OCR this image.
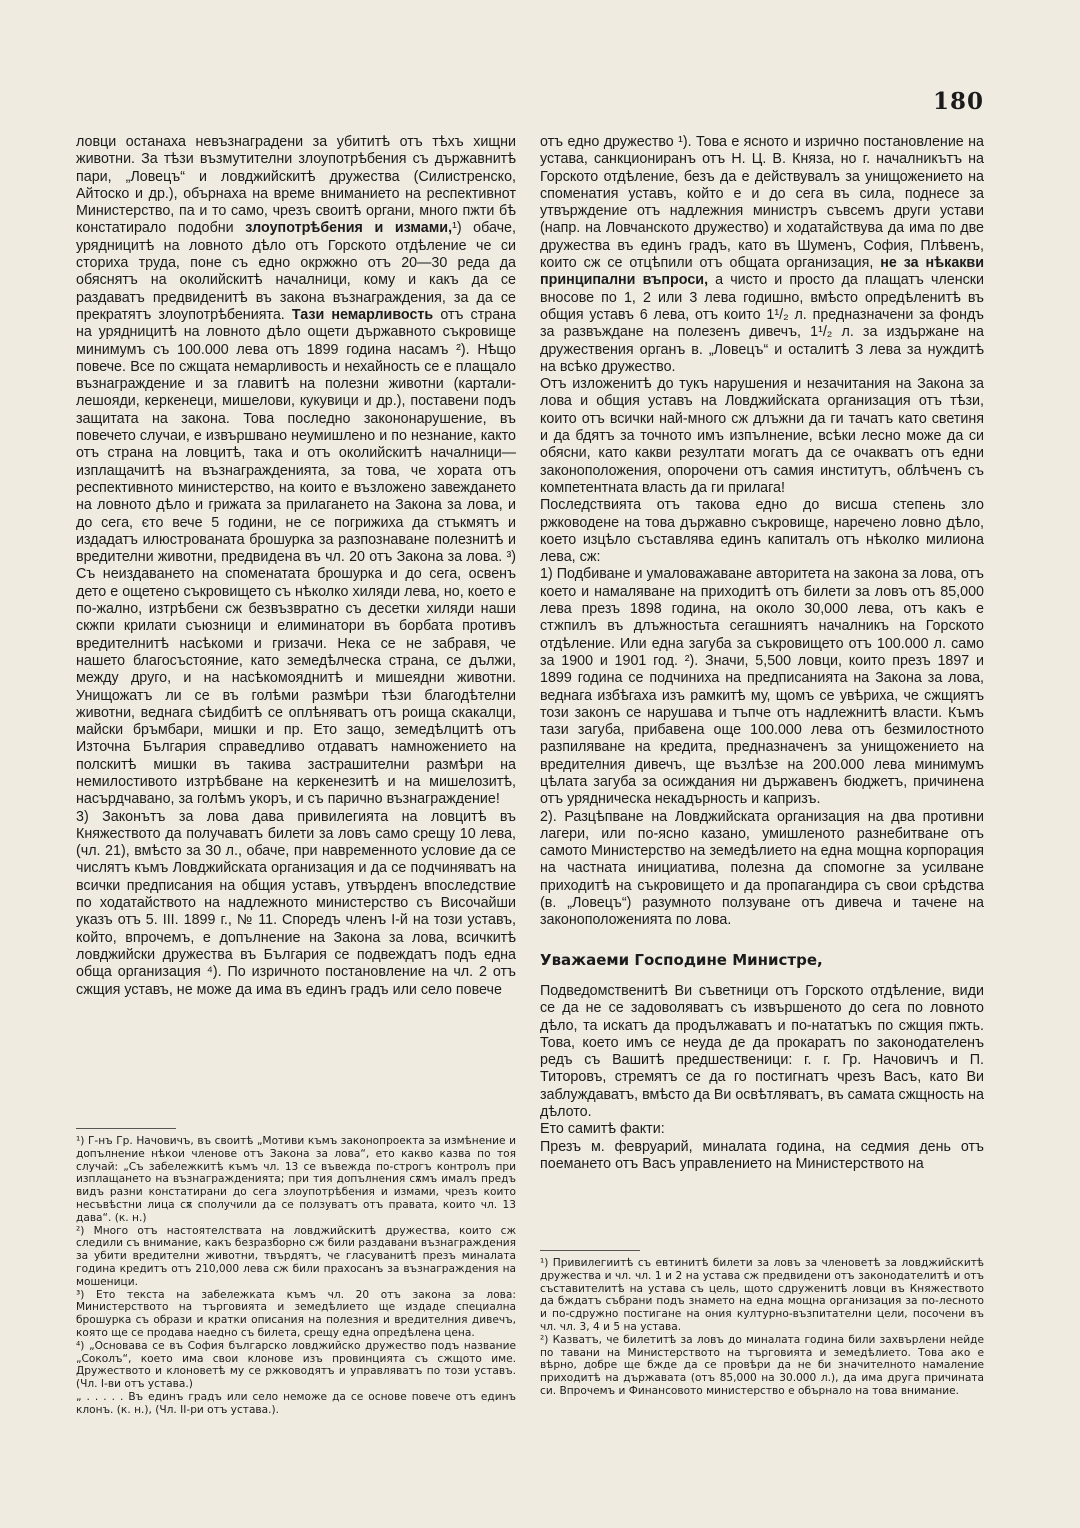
180

ловци останаха невъзнаградени за убититѣ отъ тѣхъ хищни животни. За тѣзи възмутителни злоупотрѣбения съ държавнитѣ пари, „Ловецъ“ и ловджийскитѣ дружества (Силистренско, Айтоско и др.), обърнаха на време вниманието на респективнот Министерство, па и то само, чрезъ своитѣ органи, много пжти бѣ констатирало подобни злоупотрѣбения и измами,¹) обаче, урядницитѣ на ловното дѣло отъ Горското отдѣление че си сториха труда, поне съ едно окржжно отъ 20—30 реда да обяснятъ на околийскитѣ началници, кому и какъ да се раздаватъ предвиденитѣ въ закона възнаграждения, за да се прекратятъ злоупотрѣбенията. Тази немарливость отъ страна на урядницитѣ на ловното дѣло ощети държавното съкровище минимумъ съ 100.000 лева отъ 1899 година насамъ ²). Нѣщо повече. Все по сжщата немарливость и нехайность се е плащало възнаграждение и за главитѣ на полезни животни (картали-лешояди, керкенеци, мишелови, кукувици и др.), поставени подъ защитата на закона. Това последно закононарушение, въ повечето случаи, е извършвано неумишлено и по незнание, както отъ страна на ловцитѣ, така и отъ околийскитѣ началници—изплащачитѣ на възнагражденията, за това, че хората отъ респективното министерство, на които е възложено завеждането на ловното дѣло и грижата за прилагането на Закона за лова, и до сега, єто вече 5 години, не се погрижиха да стъкмятъ и издадатъ илюстрованата брошурка за разпознаване полезнитѣ и вредителни животни, предвидена въ чл. 20 отъ Закона за лова. ³) Съ неиздаването на споменатата брошурка и до сега, освенъ дето е ощетено съкровището съ нѣколко хиляди лева, но, което е по-жално, изтрѣбени сж безвъзвратно съ десетки хиляди наши скжпи крилати съюзници и елиминатори въ борбата противъ вредителнитѣ насѣкоми и гризачи. Нека се не забравя, че нашето благосъстояние, като земедѣлческа страна, се дължи, между друго, и на насѣкомояднитѣ и мишеядни животни. Унищожатъ ли се въ голѣми размѣри тѣзи благодѣтелни животни, веднага сѣидбитѣ се оплѣняватъ отъ роища скакалци, майски бръмбари, мишки и пр. Ето защо, земедѣлцитѣ отъ Източна България справедливо отдаватъ намножението на полскитѣ мишки въ такива застрашителни размѣри на немилостивото изтрѣбване на керкенезитѣ и на мишелозитѣ, насърдчавано, за голѣмъ укоръ, и съ парично възнаграждение!

3) Законътъ за лова дава привилегията на ловцитѣ въ Княжеството да получаватъ билети за ловъ само срещу 10 лева, (чл. 21), вмѣсто за 30 л., обаче, при навременното условие да се числятъ къмъ Ловджийската организация и да се подчиняватъ на всички предписания на общия уставъ, утвърденъ впоследствие по ходатайството на надлежното министерство съ Височайши указъ отъ 5. III. 1899 г., № 11. Споредъ членъ I-й на този уставъ, който, впрочемъ, е допълнение на Закона за лова, всичкитѣ ловджийски дружества въ България се подвеждатъ подъ една обща организация ⁴). По изричното постановление на чл. 2 отъ сжщия уставъ, не може да има въ единъ градъ или село повече

¹) Г-нъ Гр. Начовичъ, въ своитѣ „Мотиви къмъ законопроекта за измѣнение и допълнение нѣкои членове отъ Закона за лова“, ето какво казва по тоя случай: „Съ забележкитѣ къмъ чл. 13 се въвежда по-строгъ контролъ при изплащането на възнагражденията; при тия допълнения сѫмъ ималъ предъ видъ разни констатирани до сега злоупотрѣбения и измами, чрезъ които несъвѣстни лица сѫ сполучили да се ползуватъ отъ правата, които чл. 13 дава“. (к. н.)

²) Много отъ настоятелствата на ловджийскитѣ дружества, които сж следили съ внимание, какъ безразборно сж били раздавани възнаграждения за убити вредителни животни, твърдятъ, че гласуванитѣ презъ миналата година кредитъ отъ 210,000 лева сж били прахосанъ за възнаграждения на мошеници.

³) Ето текста на забележката къмъ чл. 20 отъ закона за лова: Министерството на търговията и земедѣлието ще издаде специална брошурка съ образи и кратки описания на полезния и вредителния дивечъ, която ще се продава наедно съ билета, срещу една опредѣлена цена.

⁴) „Основава се въ София българско ловджийско дружество подъ название „Соколъ“, което има свои клонове изъ провинцията съ сжщото име. Дружеството и клоноветѣ му се ржководятъ и управляватъ по този уставъ. (Чл. I-ви отъ устава.)

„ . . . . . Въ единъ градъ или село неможе да се основе повече отъ единъ клонъ. (к. н.), (Чл. II-ри отъ устава.).

отъ едно дружество ¹). Това е ясното и изрично постановление на устава, санкциониранъ отъ Н. Ц. В. Княза, но г. началникътъ на Горското отдѣление, безъ да е действувалъ за унищожението на споменатия уставъ, който е и до сега въ сила, поднесе за утвърждение отъ надлежния министръ съвсемъ други устави (напр. на Ловчанското дружество) и ходатайствува да има по две дружества въ единъ градъ, като въ Шуменъ, София, Плѣвенъ, които сж се отцѣпили отъ общата организация, не за нѣкакви принципални въпроси, а чисто и просто да плащатъ членски вносове по 1, 2 или 3 лева годишно, вмѣсто опредѣленитѣ въ общия уставъ 6 лева, отъ които 1¹/₂ л. предназначени за фондъ за развъждане на полезенъ дивечъ, 1¹/₂ л. за издържане на дружествения органъ в. „Ловецъ“ и осталитѣ 3 лева за нуждитѣ на всѣко дружество.

Отъ изложенитѣ до тукъ нарушения и незачитания на Закона за лова и общия уставъ на Ловджийската организация отъ тѣзи, които отъ всички най-много сж длъжни да ги тачатъ като светиня и да бдятъ за точното имъ изпълнение, всѣки лесно може да си обясни, като какви резултати могатъ да се очакватъ отъ едни законоположения, опорочени отъ самия институтъ, облѣченъ съ компетентната власть да ги прилага!

Последствията отъ такова едно до висша степень зло ржководене на това държавно съкровище, наречено ловно дѣло, което изцѣло съставлява единъ капиталъ отъ нѣколко милиона лева, сж:

1) Подбиване и умаловажаване авторитета на закона за лова, отъ което и намаляване на приходитѣ отъ билети за ловъ отъ 85,000 лева презъ 1898 година, на около 30,000 лева, отъ какъ е стжпилъ въ длъжностьта сегашниятъ началникъ на Горското отдѣление. Или една загуба за съкровището отъ 100.000 л. само за 1900 и 1901 год. ²). Значи, 5,500 ловци, които презъ 1897 и 1899 година се подчиниха на предписанията на Закона за лова, веднага избѣгаха изъ рамкитѣ му, щомъ се увѣриха, че сжщиятъ този законъ се нарушава и тъпче отъ надлежнитѣ власти. Къмъ тази загуба, прибавена още 100.000 лева отъ безмилостното разпиляване на кредита, предназначенъ за унищожението на вредителния дивечъ, ще възлѣзе на 200.000 лева минимумъ цѣлата загуба за осиждания ни държавенъ бюджетъ, причинена отъ урядническа некадърность и капризъ.

2). Разцѣпване на Ловджийската организация на два противни лагери, или по-ясно казано, умишленото разнебитване отъ самото Министерство на земедѣлието на една мощна корпорация на частната инициатива, полезна да спомогне за усилване приходитѣ на съкровището и да пропагандира съ свои срѣдства (в. „Ловецъ“) разумното ползуване отъ дивеча и тачене на законоположенията по лова.

Уважаеми Господине Министре,

Подведомственитѣ Ви съветници отъ Горското отдѣление, види се да не се задоволяватъ съ извършеното до сега по ловното дѣло, та искатъ да продължаватъ и по-нататъкъ по сжщия пжть. Това, което имъ се неуда де да прокаратъ по законодателенъ редъ съ Вашитѣ предшественици: г. г. Гр. Начовичъ и П. Титоровъ, стремятъ се да го постигнатъ чрезъ Васъ, като Ви заблуждаватъ, вмѣсто да Ви освѣтляватъ, въ самата сжщность на дѣлото.

Ето самитѣ факти:

Презъ м. февруарий, миналата година, на седмия день отъ поемането отъ Васъ управлението на Министерството на

¹) Привилегиитѣ съ евтинитѣ билети за ловъ за членоветѣ за ловджийскитѣ дружества и чл. чл. 1 и 2 на устава сж предвидени отъ законодателитѣ и отъ съставителитѣ на устава съ цель, щото сдруженитѣ ловци въ Княжеството да бждатъ събрани подъ знамето на една мощна организация за по-лесното и по-сдружно постигане на ония културно-възпитателни цели, посочени въ чл. чл. 3, 4 и 5 на устава.

²) Казватъ, че билетитѣ за ловъ до миналата година били захвърлени нейде по тавани на Министерството на търговията и земедѣлието. Това ако е вѣрно, добре ще бжде да се провѣри да не би значителното намаление приходитѣ на държавата (отъ 85,000 на 30.000 л.), да има друга причината си. Впрочемъ и Финансовото министерство е обърнало на това внимание.
